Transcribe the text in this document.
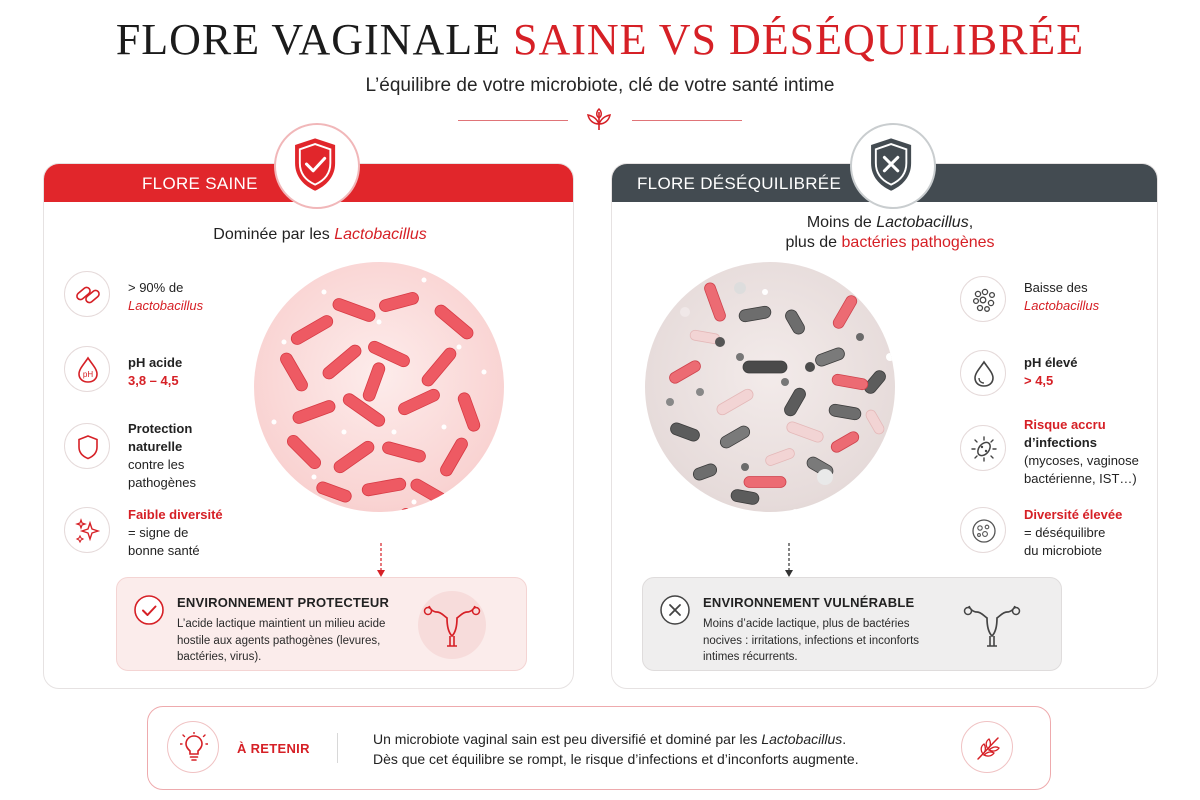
FLORE VAGINALE SAINE VS DÉSÉQUILIBRÉE
L’équilibre de votre microbiote, clé de votre santé intime
FLORE SAINE	FLORE DÉSÉQUILIBRÉE
Dominée par les Lactobacillus
Moins de Lactobacillus,
plus de bactéries pathogènes
> 90% de
Lactobacillus
pH
pH acide
3,8 – 4,5
Protection
naturelle
contre les
pathogènes
Faible diversité
= signe de
bonne santé
Baisse des
Lactobacillus
pH élevé
> 4,5
Risque accru
d’infections
(mycoses, vaginose
bactérienne, IST…)
Diversité élevée
= déséquilibre
du microbiote
ENVIRONNEMENT PROTECTEUR
L’acide lactique maintient un milieu acide
hostile aux agents pathogènes (levures,
bactéries, virus).
ENVIRONNEMENT VULNÉRABLE
Moins d’acide lactique, plus de bactéries
nocives : irritations, infections et inconforts
intimes récurrents.
À RETENIR
Un microbiote vaginal sain est peu diversifié et dominé par les Lactobacillus.
Dès que cet équilibre se rompt, le risque d’infections et d’inconforts augmente.
